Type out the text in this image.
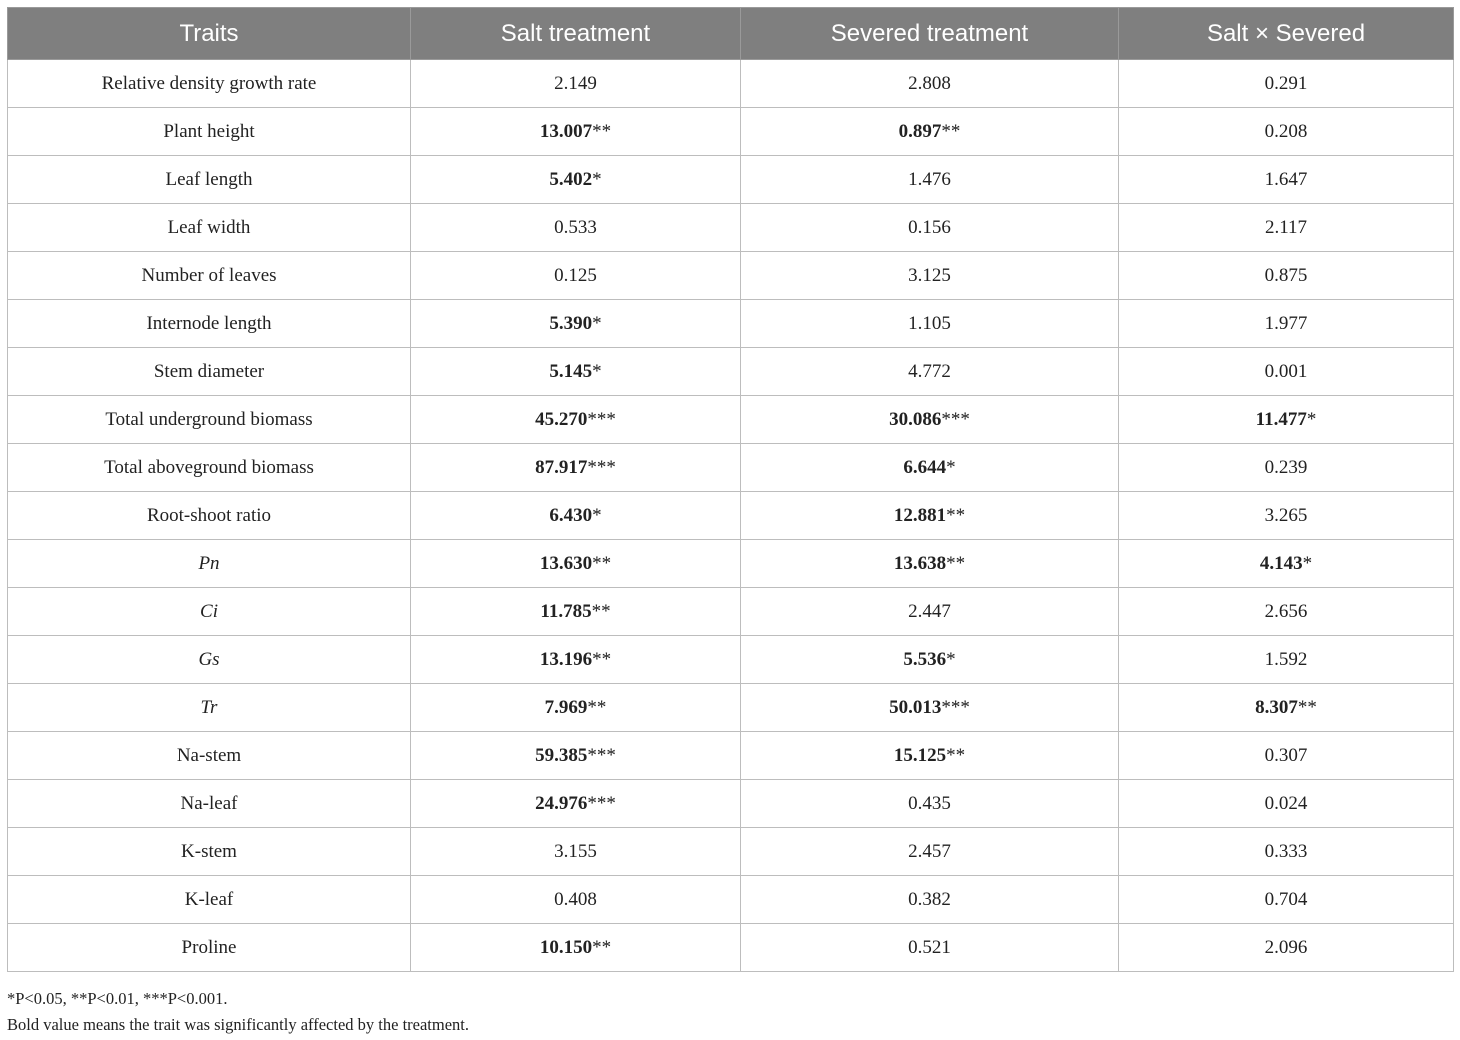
Traits	Salt treatment	Severed treatment	Salt × Severed
Relative density growth rate	2.149	2.808	0.291
Plant height	13.007**	0.897**	0.208
Leaf length	5.402*	1.476	1.647
Leaf width	0.533	0.156	2.117
Number of leaves	0.125	3.125	0.875
Internode length	5.390*	1.105	1.977
Stem diameter	5.145*	4.772	0.001
Total underground biomass	45.270***	30.086***	11.477*
Total aboveground biomass	87.917***	6.644*	0.239
Root-shoot ratio	6.430*	12.881**	3.265
Pn	13.630**	13.638**	4.143*
Ci	11.785**	2.447	2.656
Gs	13.196**	5.536*	1.592
Tr	7.969**	50.013***	8.307**
Na-stem	59.385***	15.125**	0.307
Na-leaf	24.976***	0.435	0.024
K-stem	3.155	2.457	0.333
K-leaf	0.408	0.382	0.704
Proline	10.150**	0.521	2.096
*P<0.05, **P<0.01, ***P<0.001.
Bold value means the trait was significantly affected by the treatment.
